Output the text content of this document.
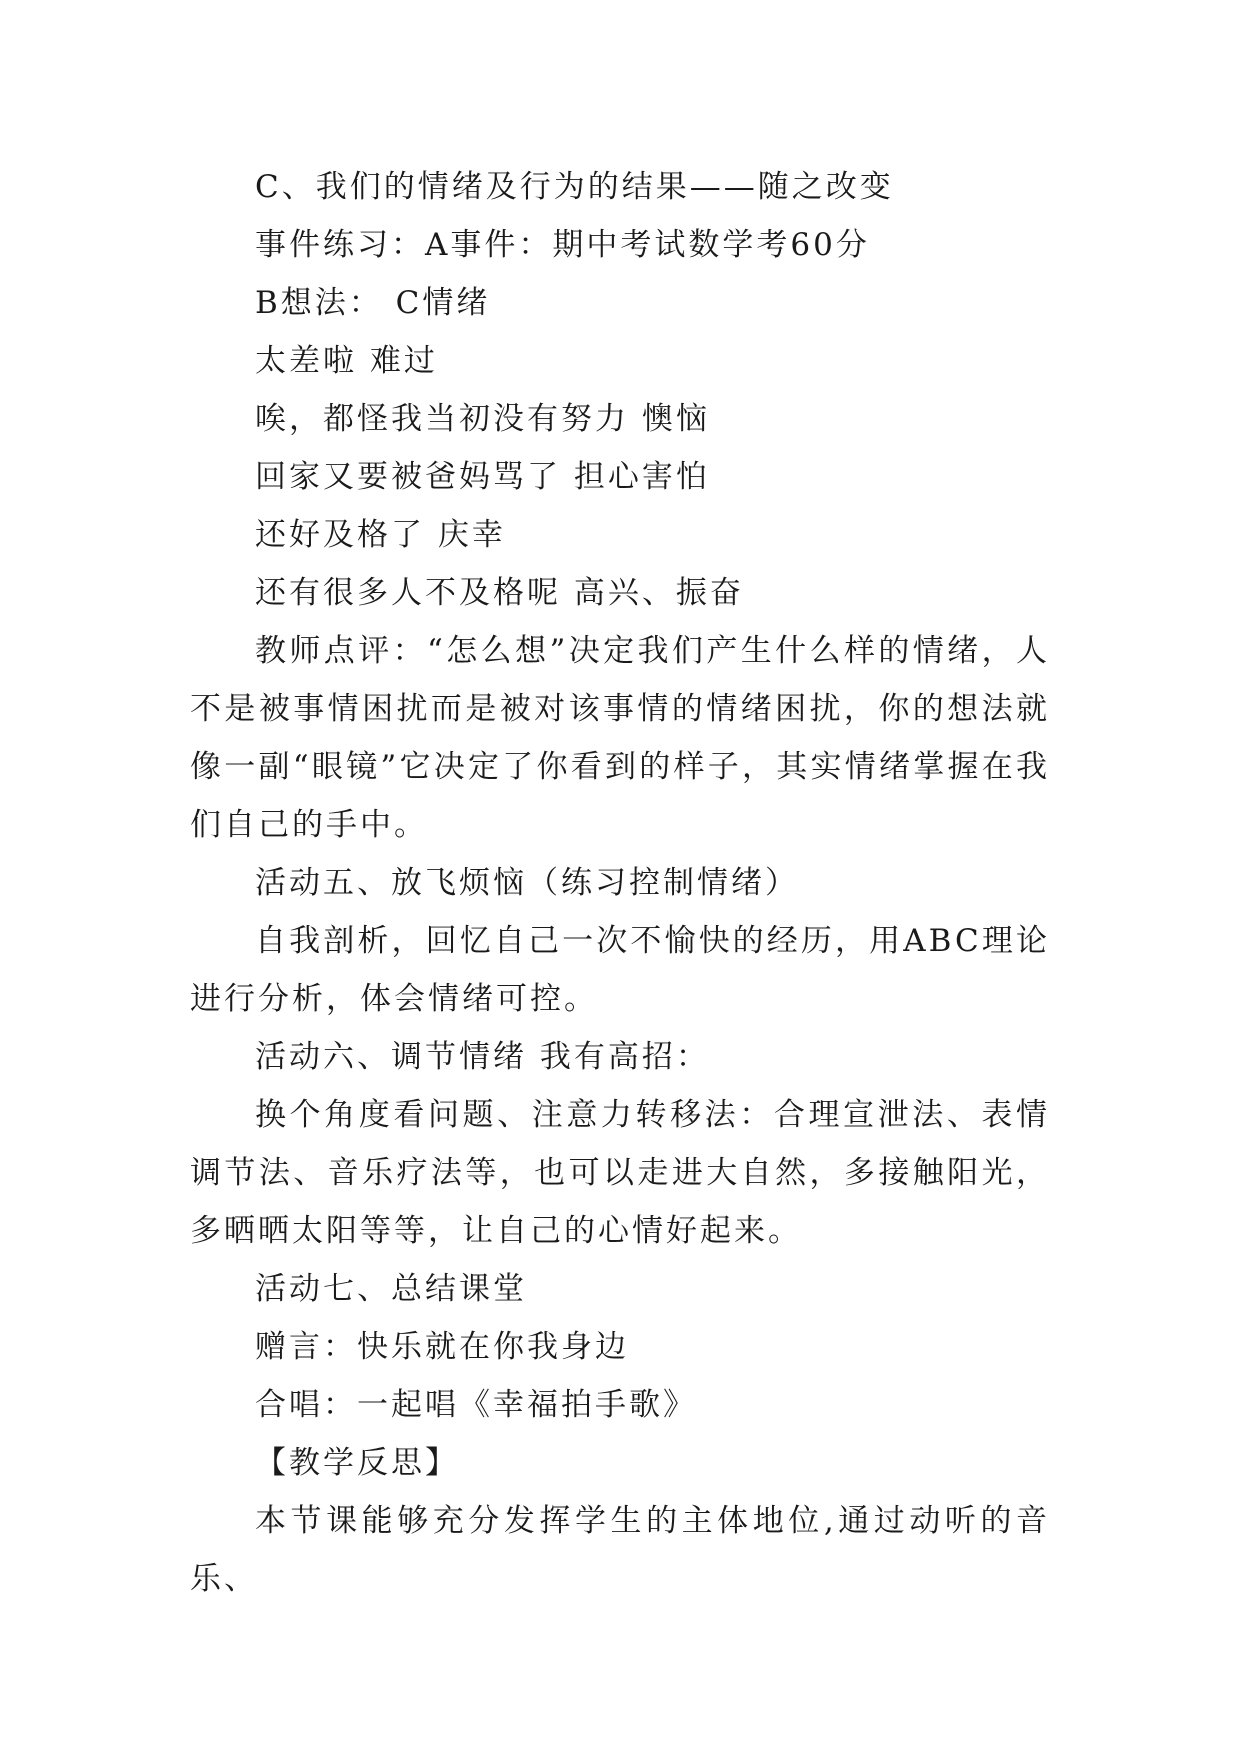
C、我们的情绪及行为的结果——随之改变

事件练习：A事件：期中考试数学考60分

B想法： C情绪

太差啦 难过

唉，都怪我当初没有努力 懊恼

回家又要被爸妈骂了 担心害怕

还好及格了 庆幸

还有很多人不及格呢 高兴、振奋

教师点评：“怎么想”决定我们产生什么样的情绪，人不是被事情困扰而是被对该事情的情绪困扰，你的想法就像一副“眼镜”它决定了你看到的样子，其实情绪掌握在我们自己的手中。

活动五、放飞烦恼（练习控制情绪）

自我剖析，回忆自己一次不愉快的经历，用ABC理论进行分析，体会情绪可控。

活动六、调节情绪 我有高招：

换个角度看问题、注意力转移法：合理宣泄法、表情调节法、音乐疗法等，也可以走进大自然，多接触阳光，多晒晒太阳等等，让自己的心情好起来。

活动七、总结课堂

赠言：快乐就在你我身边

合唱：一起唱《幸福拍手歌》

【教学反思】

本节课能够充分发挥学生的主体地位,通过动听的音乐、
